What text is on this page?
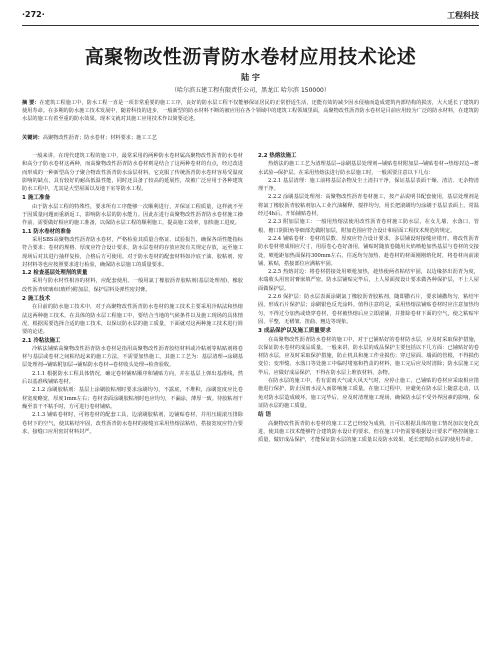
·272·	工程科技
高聚物改性沥青防水卷材应用技术论述
陆 宇
（哈尔滨五建工程有限责任公司，黑龙江 哈尔滨 150000）
摘 要：在建筑工程施工中，防水工程一直是一项非常重要的施工工序，良好的防水层工程不仅能够保证居民的正常舒适生活，还能有效的减少因水侵袖而造成建筑内部结构的损害，大大延长了建筑的使用寿命。在多期的防水施工技术发展中，随着科技的进步，一般新型的防水材料不断的被应用在各个领域中的建筑工程领域里面，高聚物改性沥青防水卷材是目前应用较为广泛的防水材料，在建筑防水层的施工有着至重的防水效果。现本文就对其施工应用技术作以简要论述。
关键词：高聚物改性沥青；防水卷材；材料要求；施工工艺

一般来讲，在现代建筑工程的施工中，最常采用的两种防水卷材属高聚物改性沥青防水卷材和高分子防水卷材这两种，而高聚物改性沥青防水卷材则是结合了这两种卷材的有点，经过改进而形成的一种新型高分子聚合物改性沥青防水涂层材料。它克服了传统沥青防水卷材容易受温度影响的缺点，具有较好的耐高低温性能，同时还具备了较高的延展性，故被广泛应用于各种建筑防水工程中，尤其是大型屋面以及地下室等防水工程。

1 施工准备

由于防水层工程的特殊性，要求所有工序能够一次顺利进行，并保证工程质量，这样就不至于因质量问题而重新返工，影响防水层的防水能力。因此在进行高聚物改性沥青防水卷材施工操作前，需要做好相应的施工准备，以保防水层工程的顺利施工，提高施工效率，加快施工进度。

1.1 防水卷材的准备

采用SBS高聚物改性沥青防水卷材，严格检验其质量合格证、试验报告，确保各项性能指标符合要求；卷材的规格、厚度应符合设计要求，防水层卷材的存放应按有关规定存放，运至施工现场后对其进行抽样复检，合格后方可使用。对于防水卷材的配套材料如冷底子油、胶粘剂、密封材料等也应按照要求进行检验，确保防水层施工的质量要求。

1.2 检查基层处理剂的质量

采用与防水材性相容的材料，应配套使用。一般用氯丁橡胶沥青胶粘剂(基层处理剂)，橡胶改性沥青玻璃布(玻纤)附加层，保护层料及弹性密封膏。

2 施工技术

在目前的防水施工技术中，对于高聚物改性沥青防水卷材的施工技术主要采用冷粘法和热熔法这两种施工技术，在具体的防水层工程施工中，要结合当地的气候条件以及施工现场的具体情况，根据需要选择合适的施工技术，以保证防水层的施工质量，下面就对这两种施工技术进行简要的论述。

2.1 冷粘法施工

冷粘法铺贴高聚物改性沥青防水卷材是指用高聚物改性沥青胶结材料或冷粘剂等粘贴剂将卷材与基层或卷材之间粘结起来的施工方法，不需要加热施工。其施工工艺为：基层清理→涂刷基层处理剂→铺贴附加层→铺贴防水卷材→卷材收头处理→检查验收。

2.1.1 根据防水工程具体情况，确定卷材铺贴顺序和铺贴方向，并在基层上弹出基准线，然后以基准线铺贴卷材。

2.1.2 涂刷胶粘剂：基层上涂刷胶粘剂时要求涂刷均匀，不露底，不堆积，涂刷宽度应比卷材宽度略宽，厚度1mm左右；卷材表面涂刷胶粘剂时也应均匀，不漏涂，薄厚一致。待胶粘剂干燥至表干不粘手时，方可进行卷材铺贴。

2.1.3 铺贴卷材时，可将卷材的配套工具，边滚刷胶粘剂，边铺贴卷材，并用压辊滚压排除卷材下的空气，使其粘结牢固，改性沥青防水卷材的接缝宜采用热熔法粘结，搭接宽度应符合要求，接缝口应用密封材料封严。

2.2 热熔法施工

热熔法的施工工艺为清理基层→涂刷基层处理剂→铺贴卷材附加层→铺贴卷材→热熔封边→蓄水试验→保护层。在采用热熔法进行防水层施工时，一般需要注意以下几点：

2.2.1 基层清理：施工前将基层杂物及尘土清扫干净，保证基层表面干燥、清洁、无杂物清理干净。

2.2.2 涂刷基层处理剂：高聚物改性沥青卷材施工，按产品说明书配套使用，基层处理剂是将氯丁橡胶沥青胶粘剂加入工业汽油稀释，搅拌均匀，用长把滚刷均匀涂刷于基层表面上，常温经过4h后，开始铺贴卷材。

2.2.3 附加层施工：一般用热熔法使用改性沥青卷材施工防水层，在女儿墙、水落口、管根、檐口阴阳角等细部先做附加层，附加范围应符合设计和屋面工程技术规范的规定。

2.2.4 铺贴卷材：卷材的层数、厚度应符合设计要求，多层铺设时接缝应错开。将改性沥青防水卷材剪成相应尺寸，用原卷心卷好备用，铺贴时随放卷随用火焰喷枪加热基层与卷材的交接处，喷枪距加热面保持300mm左右，往返均匀加热，趁卷材的材面刚刚熔化时，将卷材向前滚铺、粘贴，搭接部位应满粘牢固。

2.2.5 热熔封边：将卷材搭接处用喷枪加热，趁热使两者粘结牢固，以边缘挤出沥青为度，末端收头用密封膏嵌填严密。防水层铺贴完毕后，上人屋面按设计要求做各种保护层，不上人屋面做保护层。

2.2.6 保护层：防水层表面涂刷氯丁橡胶沥青胶粘剂，随即撒石片，要求铺撒均匀，粘结牢固，形成石片保护层；涂刷银色反光涂料。值得注意的是，采用热熔法铺贴卷材时应注意加热均匀，不得过分加热或烧穿卷材，卷材被热熔后应立即滚铺，并排除卷材下面的空气，使之粘贴牢固、平整，无褶皱、扭曲、翘边等现象。

3 成品保护以及施工质量要求

在高聚物改性沥青防水卷材的施工中，对于已铺贴好的卷材防水层，应及时采取保护措施，以保证防水卷材的成品质量。一般来讲，防水层的成品保护主要包括以下几方面：已铺贴好的卷材防水层，应及时采取保护措施，防止机具和施工作业损伤；穿过屋面、墙面的管根，不得损伤变位；变形缝、水落口等处施工中临时堵塞和挡盖的材料，施工完后应及时清除；防水层施工完毕后，应做好成品保护，不得在防水层上堆放材料、杂物。

在防水层的施工中，若有雷雨天气或大风天气时，应停止施工，已铺贴的卷材应采取相应措施进行保护，防止因雨水浸入而影响施工质量。在施工过程中，应避免在防水层上随意走动，以免对防水层造成破坏。施工完毕后，应及时清理施工现场，确保防水层不受外界因素的影响，保证防水层的施工质量。

结 语

高聚物改性沥青防水卷材的施工工艺已经较为成熟，且可以根据具体的施工情况加以变化改进，使其施工技术能够符合建筑防水设计的要求。但在施工中仍需要根据设计要求严格控制施工质量，做好成品保护，才能保证防水层的施工质量以及防水效果，延长建筑防水层的使用寿命。
